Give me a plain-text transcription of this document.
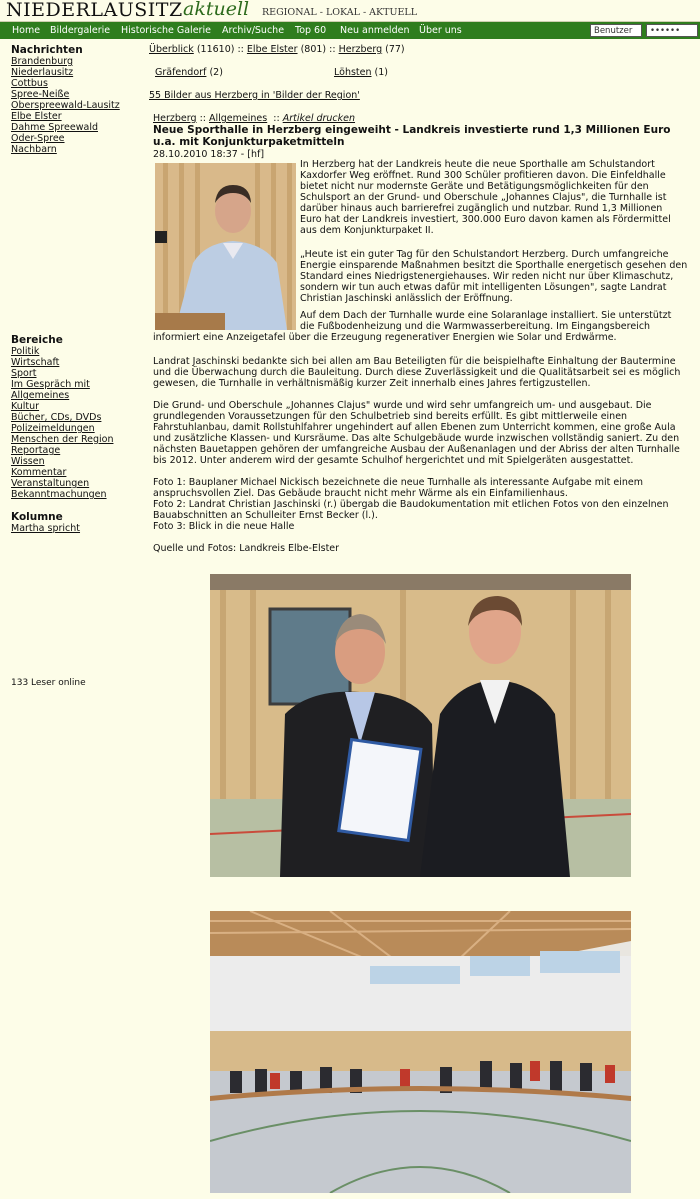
NIEDERLAUSITZ aktuell REGIONAL - LOKAL - AKTUELL
Home Bildergalerie Historische Galerie Archiv/Suche Top 60 Neu anmelden Über uns
Benutzer
••••••
Nachrichten
Brandenburg
Niederlausitz
Cottbus
Spree-Neiße
Oberspreewald-Lausitz
Elbe Elster
Dahme Spreewald
Oder-Spree
Nachbarn
Bereiche
Politik
Wirtschaft
Sport
Im Gespräch mit
Allgemeines
Kultur
Bücher, CDs, DVDs
Polizeimeldungen
Menschen der Region
Reportage
Wissen
Kommentar
Veranstaltungen
Bekanntmachungen
Kolumne
Martha spricht
133 Leser online
Überblick (11610) :: Elbe Elster (801) :: Herzberg (77)
Gräfendorf (2)	Löhsten (1)
55 Bilder aus Herzberg in 'Bilder der Region'
Herzberg :: Allgemeines :: Artikel drucken
Neue Sporthalle in Herzberg eingeweiht - Landkreis investierte rund 1,3 Millionen Euro u.a. mit Konjunkturpaketmitteln
28.10.2010 18:37 - [hf]
In Herzberg hat der Landkreis heute die neue Sporthalle am Schulstandort
Kaxdorfer Weg eröffnet. Rund 300 Schüler profitieren davon. Die Einfeldhalle
bietet nicht nur modernste Geräte und Betätigungsmöglichkeiten für den
Schulsport an der Grund- und Oberschule „Johannes Clajus", die Turnhalle ist
darüber hinaus auch barrierefrei zugänglich und nutzbar. Rund 1,3 Millionen
Euro hat der Landkreis investiert, 300.000 Euro davon kamen als Fördermittel
aus dem Konjunkturpaket II.
„Heute ist ein guter Tag für den Schulstandort Herzberg. Durch umfangreiche
Energie einsparende Maßnahmen besitzt die Sporthalle energetisch gesehen den
Standard eines Niedrigstenergiehauses. Wir reden nicht nur über Klimaschutz,
sondern wir tun auch etwas dafür mit intelligenten Lösungen", sagte Landrat
Christian Jaschinski anlässlich der Eröffnung.
Auf dem Dach der Turnhalle wurde eine Solaranlage installiert. Sie unterstützt
die Fußbodenheizung und die Warmwasserbereitung. Im Eingangsbereich
informiert eine Anzeigetafel über die Erzeugung regenerativer Energien wie Solar und Erdwärme.
Landrat Jaschinski bedankte sich bei allen am Bau Beteiligten für die beispielhafte Einhaltung der Bautermine
und die Überwachung durch die Bauleitung. Durch diese Zuverlässigkeit und die Qualitätsarbeit sei es möglich
gewesen, die Turnhalle in verhältnismäßig kurzer Zeit innerhalb eines Jahres fertigzustellen.
Die Grund- und Oberschule „Johannes Clajus" wurde und wird sehr umfangreich um- und ausgebaut. Die
grundlegenden Voraussetzungen für den Schulbetrieb sind bereits erfüllt. Es gibt mittlerweile einen
Fahrstuhlanbau, damit Rollstuhlfahrer ungehindert auf allen Ebenen zum Unterricht kommen, eine große Aula
und zusätzliche Klassen- und Kursräume. Das alte Schulgebäude wurde inzwischen vollständig saniert. Zu den
nächsten Bauetappen gehören der umfangreiche Ausbau der Außenanlagen und der Abriss der alten Turnhalle
bis 2012. Unter anderem wird der gesamte Schulhof hergerichtet und mit Spielgeräten ausgestattet.
Foto 1: Bauplaner Michael Nickisch bezeichnete die neue Turnhalle als interessante Aufgabe mit einem
anspruchsvollen Ziel. Das Gebäude braucht nicht mehr Wärme als ein Einfamilienhaus.
Foto 2: Landrat Christian Jaschinski (r.) übergab die Baudokumentation mit etlichen Fotos von den einzelnen
Bauabschnitten an Schulleiter Ernst Becker (l.).
Foto 3: Blick in die neue Halle
Quelle und Fotos: Landkreis Elbe-Elster
